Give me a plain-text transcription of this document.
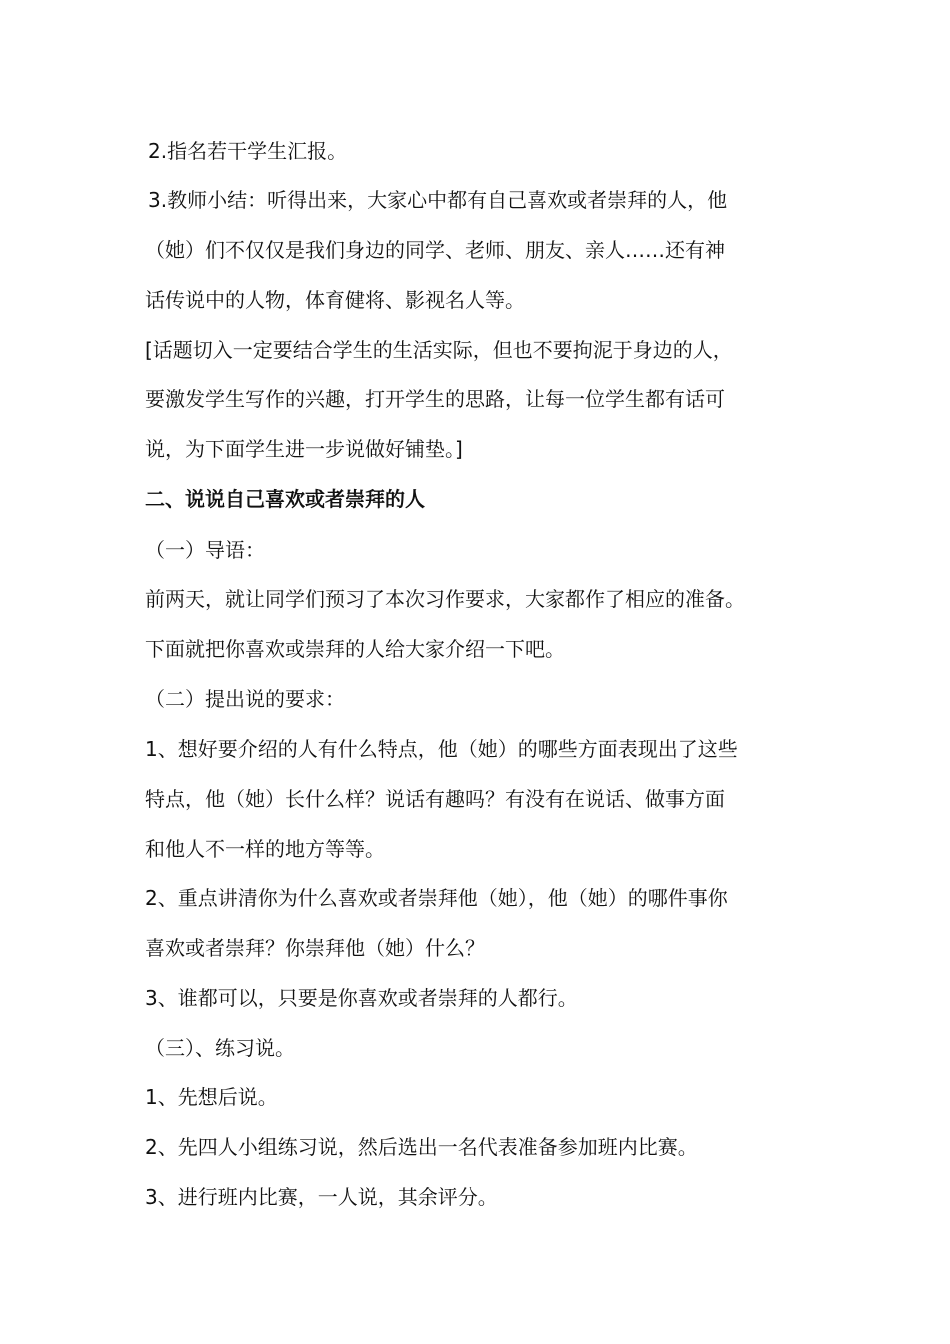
2.指名若干学生汇报。
3.教师小结：听得出来，大家心中都有自己喜欢或者崇拜的人，他
（她）们不仅仅是我们身边的同学、老师、朋友、亲人……还有神
话传说中的人物，体育健将、影视名人等。
[话题切入一定要结合学生的生活实际，但也不要拘泥于身边的人，
要激发学生写作的兴趣，打开学生的思路，让每一位学生都有话可
说，为下面学生进一步说做好铺垫。]
二、说说自己喜欢或者崇拜的人
（一）导语：
前两天，就让同学们预习了本次习作要求，大家都作了相应的准备。
下面就把你喜欢或崇拜的人给大家介绍一下吧。
（二）提出说的要求：
1、想好要介绍的人有什么特点，他（她）的哪些方面表现出了这些
特点，他（她）长什么样？说话有趣吗？有没有在说话、做事方面
和他人不一样的地方等等。
2、重点讲清你为什么喜欢或者崇拜他（她），他（她）的哪件事你
喜欢或者崇拜？你崇拜他（她）什么？
3、谁都可以，只要是你喜欢或者崇拜的人都行。
（三）、练习说。
1、先想后说。
2、先四人小组练习说，然后选出一名代表准备参加班内比赛。
3、进行班内比赛，一人说，其余评分。
